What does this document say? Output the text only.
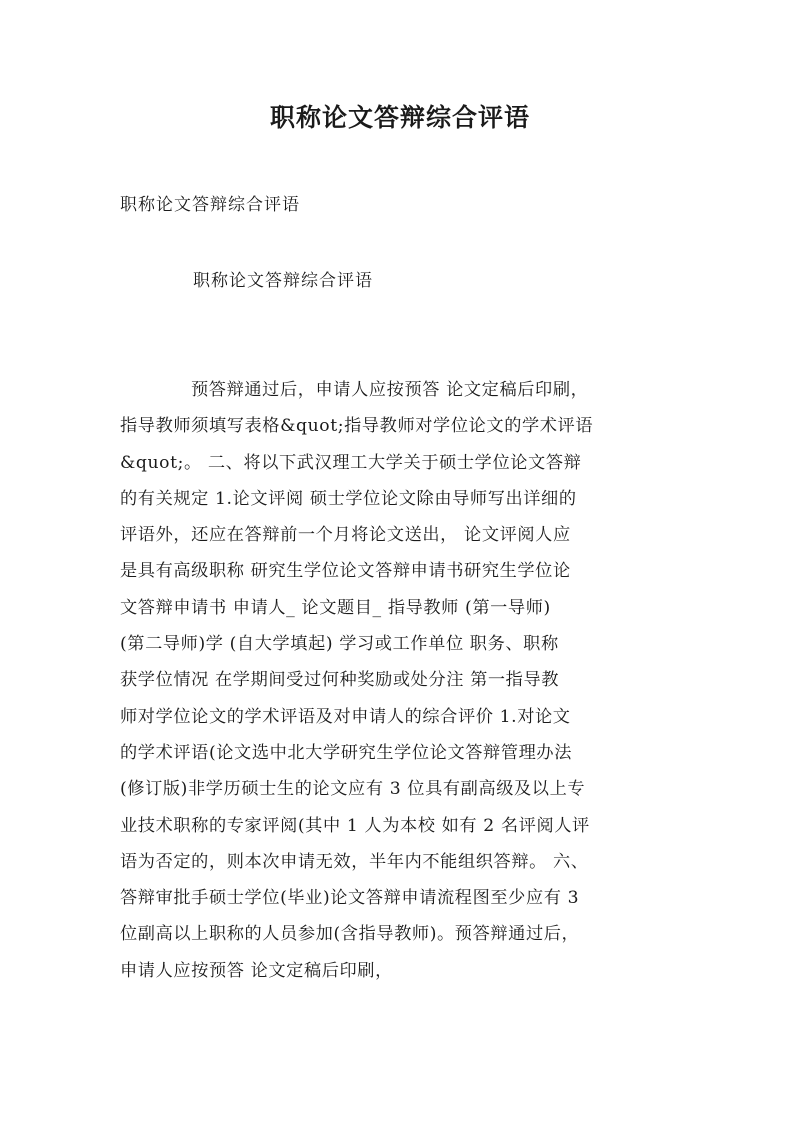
职称论文答辩综合评语

职称论文答辩综合评语

职称论文答辩综合评语

预答辩通过后，申请人应按预答 论文定稿后印刷，
指导教师须填写表格&quot;指导教师对学位论文的学术评语
&quot;。 二、将以下武汉理工大学关于硕士学位论文答辩
的有关规定 1.论文评阅 硕士学位论文除由导师写出详细的
评语外，还应在答辩前一个月将论文送出， 论文评阅人应
是具有高级职称 研究生学位论文答辩申请书研究生学位论
文答辩申请书 申请人_ 论文题目_ 指导教师 (第一导师)
(第二导师)学 (自大学填起) 学习或工作单位 职务、职称
获学位情况 在学期间受过何种奖励或处分注 第一指导教
师对学位论文的学术评语及对申请人的综合评价 1.对论文
的学术评语(论文选中北大学研究生学位论文答辩管理办法
(修订版)非学历硕士生的论文应有 3 位具有副高级及以上专
业技术职称的专家评阅(其中 1 人为本校 如有 2 名评阅人评
语为否定的，则本次申请无效，半年内不能组织答辩。 六、
答辩审批手硕士学位(毕业)论文答辩申请流程图至少应有 3
位副高以上职称的人员参加(含指导教师)。预答辩通过后，
申请人应按预答 论文定稿后印刷，
